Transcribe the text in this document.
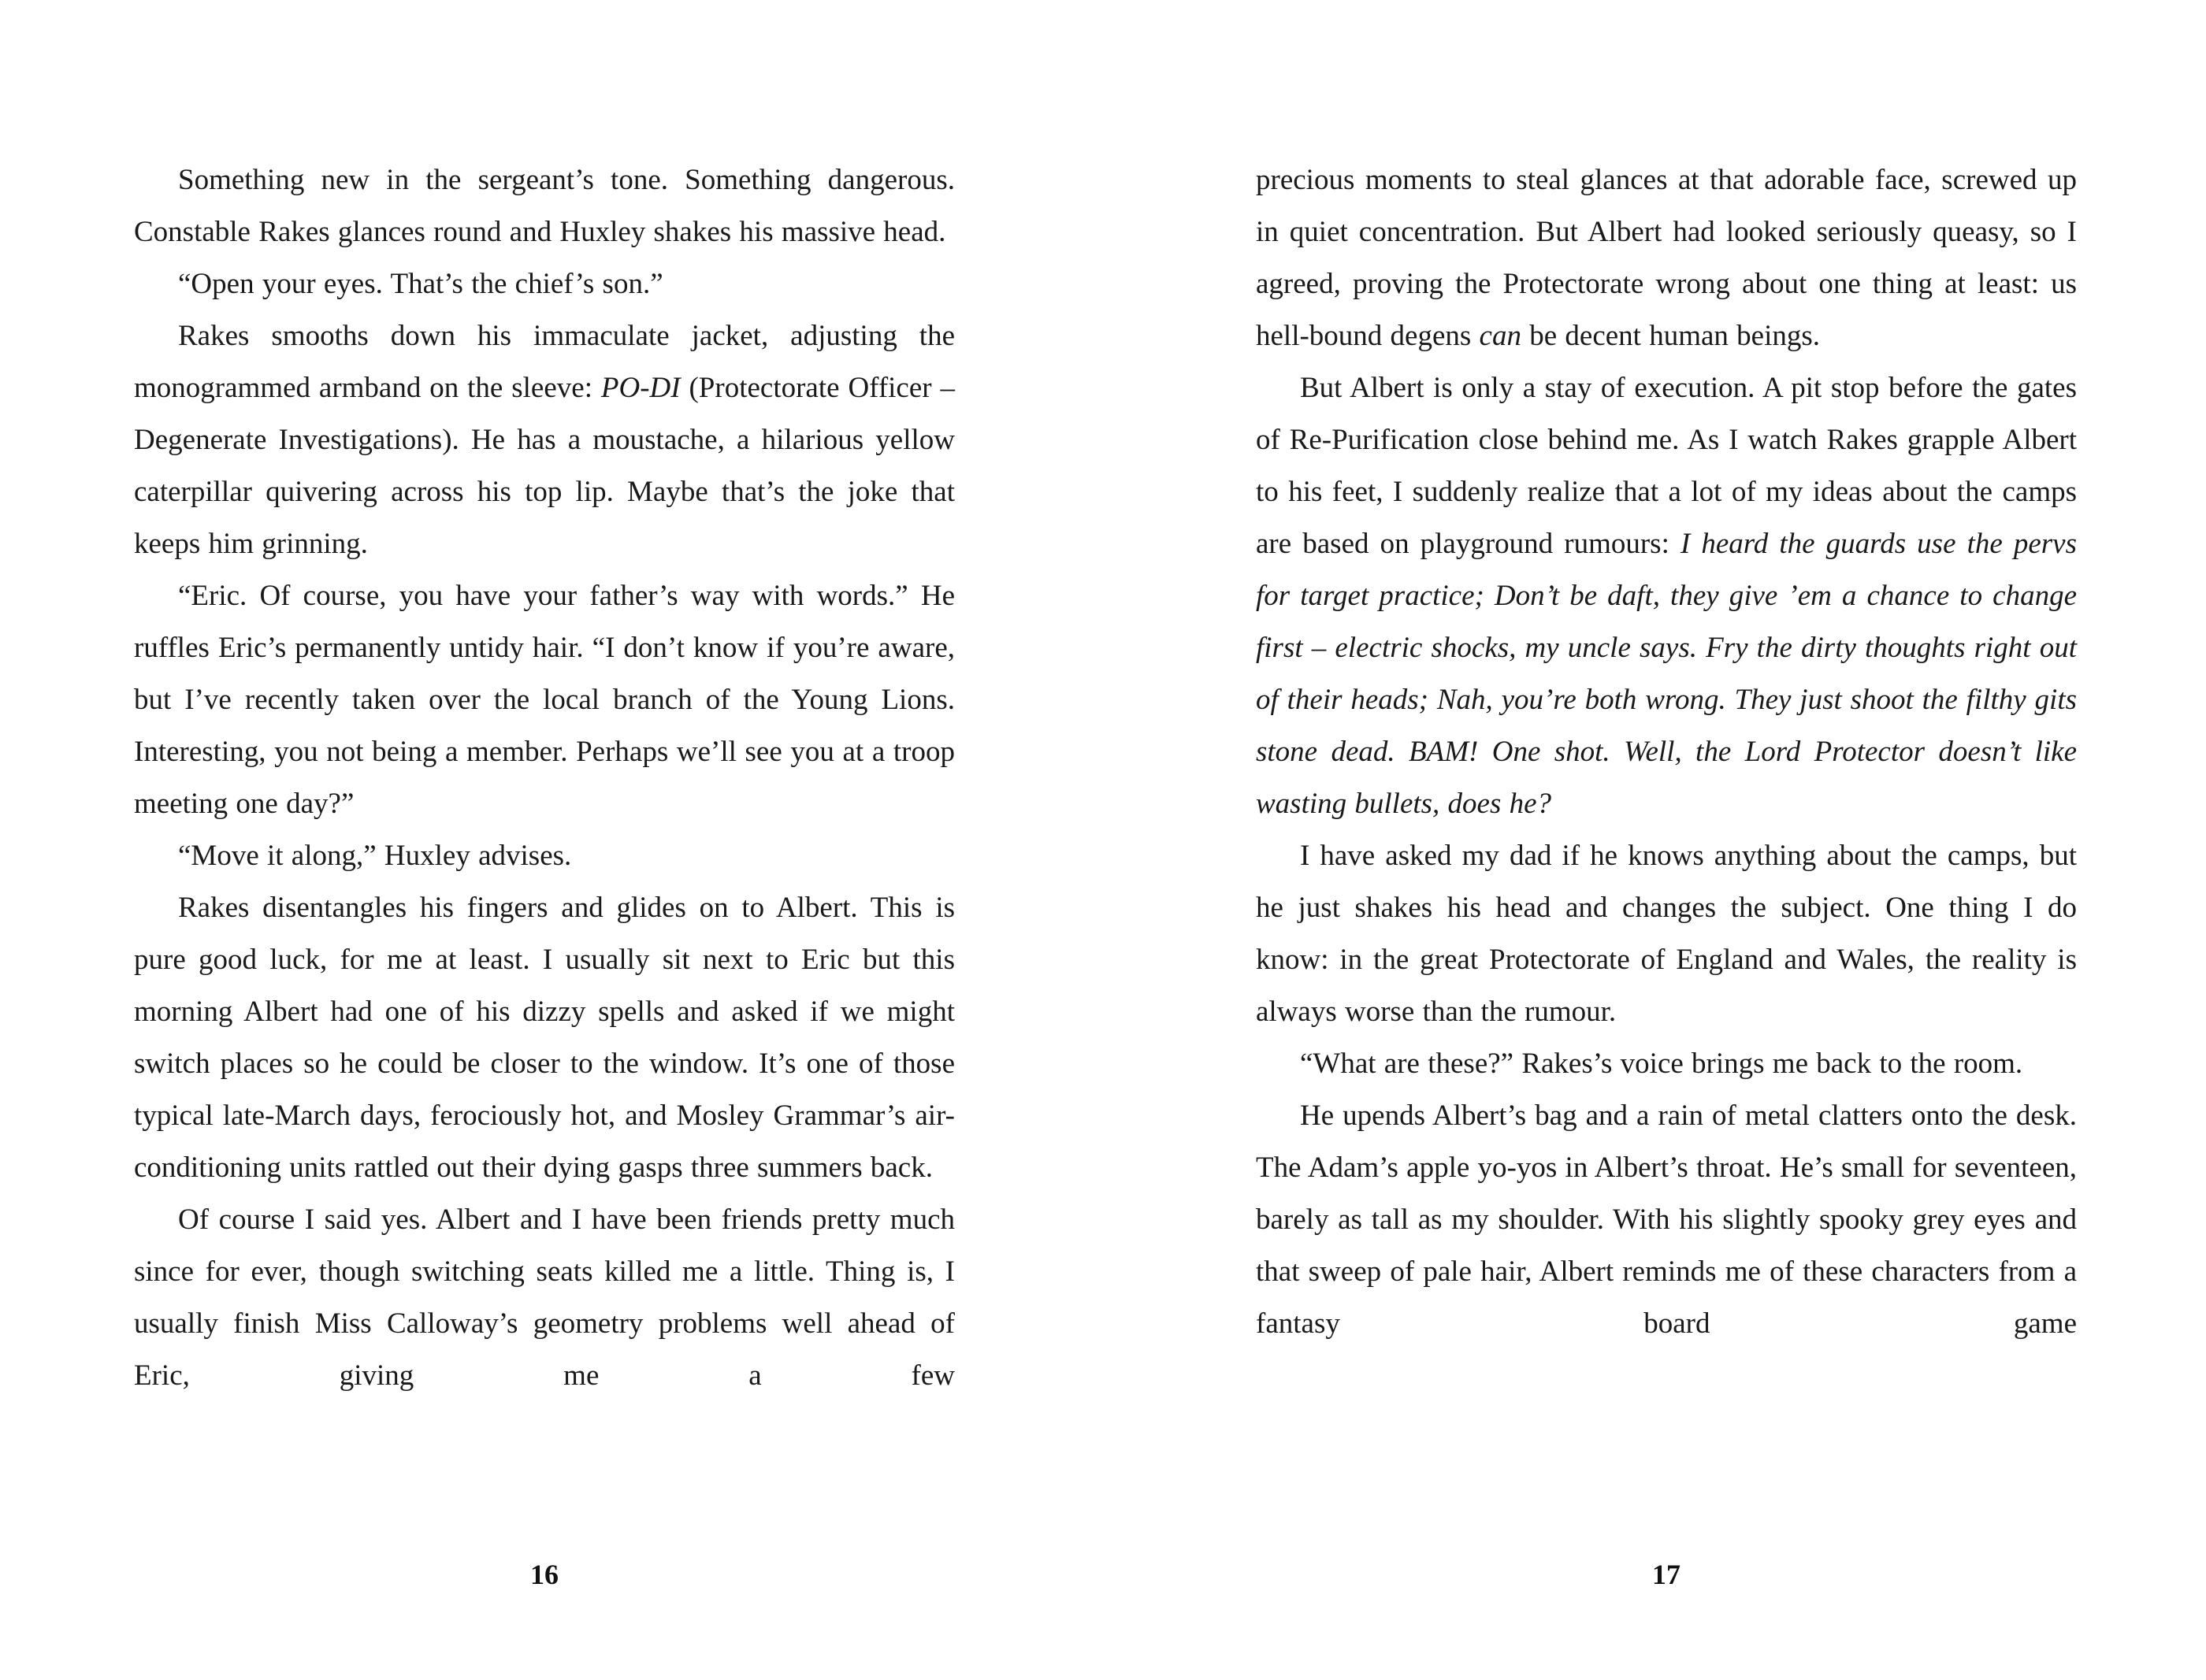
Something new in the sergeant’s tone. Something dangerous. Constable Rakes glances round and Huxley shakes his massive head.

“Open your eyes. That’s the chief’s son.”

Rakes smooths down his immaculate jacket, adjusting the monogrammed armband on the sleeve: PO-DI (Protectorate Officer – Degenerate Investigations). He has a moustache, a hilarious yellow caterpillar quivering across his top lip. Maybe that’s the joke that keeps him grinning.

“Eric. Of course, you have your father’s way with words.” He ruffles Eric’s permanently untidy hair. “I don’t know if you’re aware, but I’ve recently taken over the local branch of the Young Lions. Interesting, you not being a member. Perhaps we’ll see you at a troop meeting one day?”

“Move it along,” Huxley advises.

Rakes disentangles his fingers and glides on to Albert. This is pure good luck, for me at least. I usually sit next to Eric but this morning Albert had one of his dizzy spells and asked if we might switch places so he could be closer to the window. It’s one of those typical late-March days, ferociously hot, and Mosley Grammar’s air-conditioning units rattled out their dying gasps three summers back.

Of course I said yes. Albert and I have been friends pretty much since for ever, though switching seats killed me a little. Thing is, I usually finish Miss Calloway’s geometry problems well ahead of Eric, giving me a few

precious moments to steal glances at that adorable face, screwed up in quiet concentration. But Albert had looked seriously queasy, so I agreed, proving the Protectorate wrong about one thing at least: us hell-bound degens can be decent human beings.

But Albert is only a stay of execution. A pit stop before the gates of Re-Purification close behind me. As I watch Rakes grapple Albert to his feet, I suddenly realize that a lot of my ideas about the camps are based on playground rumours: I heard the guards use the pervs for target practice; Don’t be daft, they give ’em a chance to change first – electric shocks, my uncle says. Fry the dirty thoughts right out of their heads; Nah, you’re both wrong. They just shoot the filthy gits stone dead. BAM! One shot. Well, the Lord Protector doesn’t like wasting bullets, does he?

I have asked my dad if he knows anything about the camps, but he just shakes his head and changes the subject. One thing I do know: in the great Protectorate of England and Wales, the reality is always worse than the rumour.

“What are these?” Rakes’s voice brings me back to the room.

He upends Albert’s bag and a rain of metal clatters onto the desk. The Adam’s apple yo-yos in Albert’s throat. He’s small for seventeen, barely as tall as my shoulder. With his slightly spooky grey eyes and that sweep of pale hair, Albert reminds me of these characters from a fantasy board game

16	17
